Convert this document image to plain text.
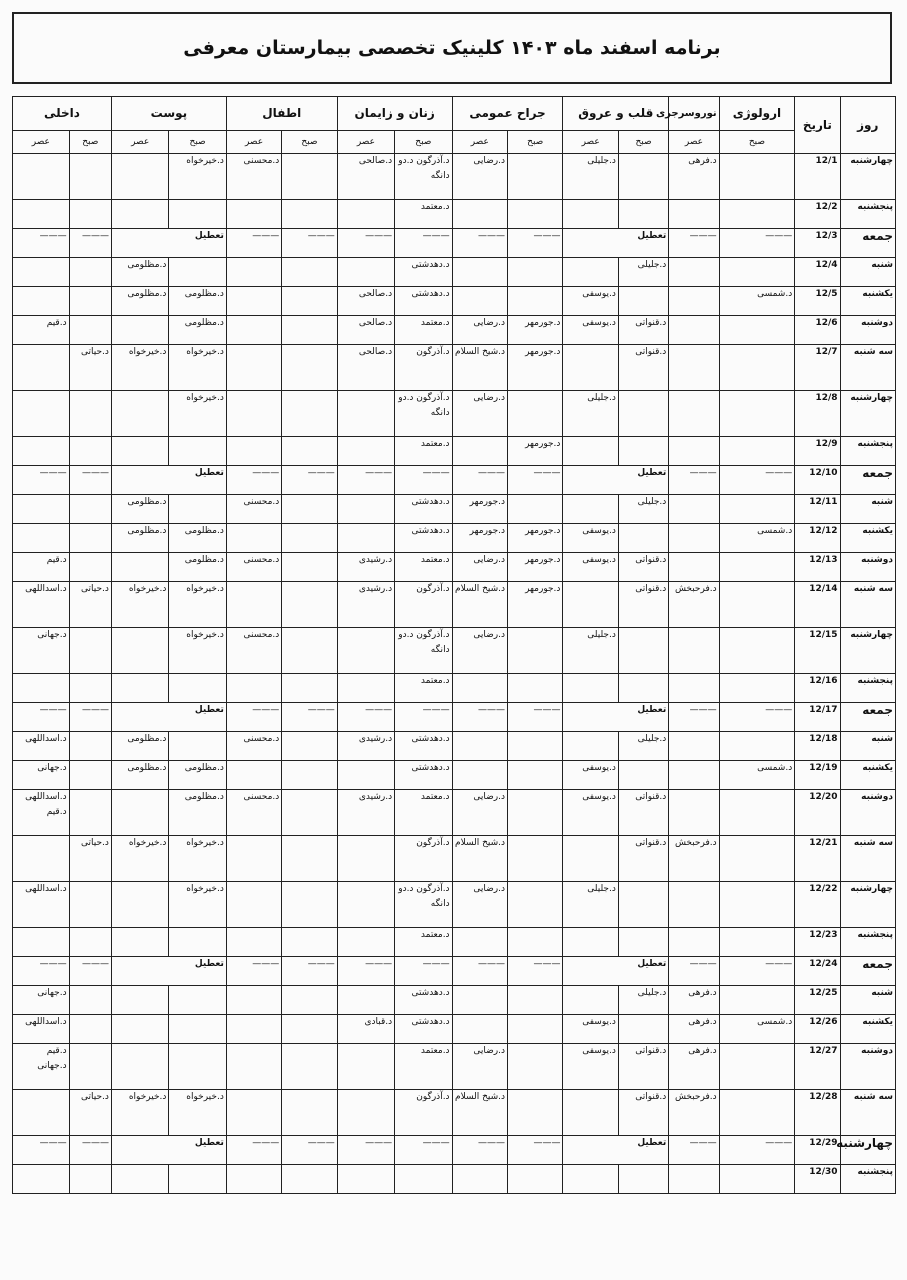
برنامه اسفند ماه ۱۴۰۳ کلینیک تخصصی بیمارستان معرفی
روز	تاریخ	ارولوژی	نوروسرجری	قلب و عروق		جراح عمومی		زنان و زایمان		اطفال		پوست		داخلی	
		صبح	عصر	صبح	عصر	صبح	عصر	صبح	عصر	صبح	عصر	صبح	عصر	صبح	عصر
چهارشنبه	12/1		د.فرهی		د.جلیلی		د.رضایی	د.آذرگون د.دو دانگه	د.صالحی		د.محسنی	د.خیرخواه			
پنجشنبه	12/2							د.معتمد							
جمعه	12/3	———	———	تعطیل		———	———	———	———	———	———	تعطیل		———	———
شنبه	12/4			د.جلیلی				د.دهدشتی					د.مظلومی		
یکشنبه	12/5	د.شمسی			د.یوسفی			د.دهدشتی	د.صالحی			د.مظلومی	د.مظلومی		
دوشنبه	12/6			د.قنواتی	د.یوسفی	د.جورمهر	د.رضایی	د.معتمد	د.صالحی			د.مظلومی			د.قیم
سه شنبه	12/7			د.قنواتی		د.جورمهر	د.شیخ السلام	د.آذرگون	د.صالحی			د.خیرخواه	د.خیرخواه	د.حیاتی	
چهارشنبه	12/8				د.جلیلی		د.رضایی	د.آذرگون د.دو دانگه				د.خیرخواه			
پنجشنبه	12/9					د.جورمهر		د.معتمد							
جمعه	12/10	———	———	تعطیل		———	———	———	———	———	———	تعطیل		———	———
شنبه	12/11			د.جلیلی			د.جورمهر	د.دهدشتی			د.محسنی		د.مظلومی		
یکشنبه	12/12	د.شمسی			د.یوسفی	د.جورمهر	د.جورمهر	د.دهدشتی				د.مظلومی	د.مظلومی		
دوشنبه	12/13			د.قنواتی	د.یوسفی	د.جورمهر	د.رضایی	د.معتمد	د.رشیدی		د.محسنی	د.مظلومی			د.قیم
سه شنبه	12/14		د.فرحبخش	د.قنواتی		د.جورمهر	د.شیخ السلام	د.آذرگون	د.رشیدی			د.خیرخواه	د.خیرخواه	د.حیاتی	د.اسداللهی
چهارشنبه	12/15				د.جلیلی		د.رضایی	د.آذرگون د.دو دانگه			د.محسنی	د.خیرخواه			د.جهانی
پنجشنبه	12/16							د.معتمد							
جمعه	12/17	———	———	تعطیل		———	———	———	———	———	———	تعطیل		———	———
شنبه	12/18			د.جلیلی				د.دهدشتی	د.رشیدی		د.محسنی		د.مظلومی		د.اسداللهی
یکشنبه	12/19	د.شمسی			د.یوسفی			د.دهدشتی				د.مظلومی	د.مظلومی		د.جهانی
دوشنبه	12/20			د.قنواتی	د.یوسفی		د.رضایی	د.معتمد	د.رشیدی		د.محسنی	د.مظلومی			د.اسداللهی د.قیم
سه شنبه	12/21		د.فرحبخش	د.قنواتی			د.شیخ السلام	د.آذرگون				د.خیرخواه	د.خیرخواه	د.حیاتی	
چهارشنبه	12/22				د.جلیلی		د.رضایی	د.آذرگون د.دو دانگه				د.خیرخواه			د.اسداللهی
پنجشنبه	12/23							د.معتمد							
جمعه	12/24	———	———	تعطیل		———	———	———	———	———	———	تعطیل		———	———
شنبه	12/25		د.فرهی	د.جلیلی				د.دهدشتی							د.جهانی
یکشنبه	12/26	د.شمسی	د.فرهی		د.یوسفی			د.دهدشتی	د.قبادی						د.اسداللهی
دوشنبه	12/27		د.فرهی	د.قنواتی	د.یوسفی		د.رضایی	د.معتمد							د.قیم د.جهانی
سه شنبه	12/28		د.فرحبخش	د.قنواتی			د.شیخ السلام	د.آذرگون				د.خیرخواه	د.خیرخواه	د.حیاتی	
چهارشنبه	12/29	———	———	تعطیل		———	———	———	———	———	———	تعطیل		———	———
پنجشنبه	12/30														
